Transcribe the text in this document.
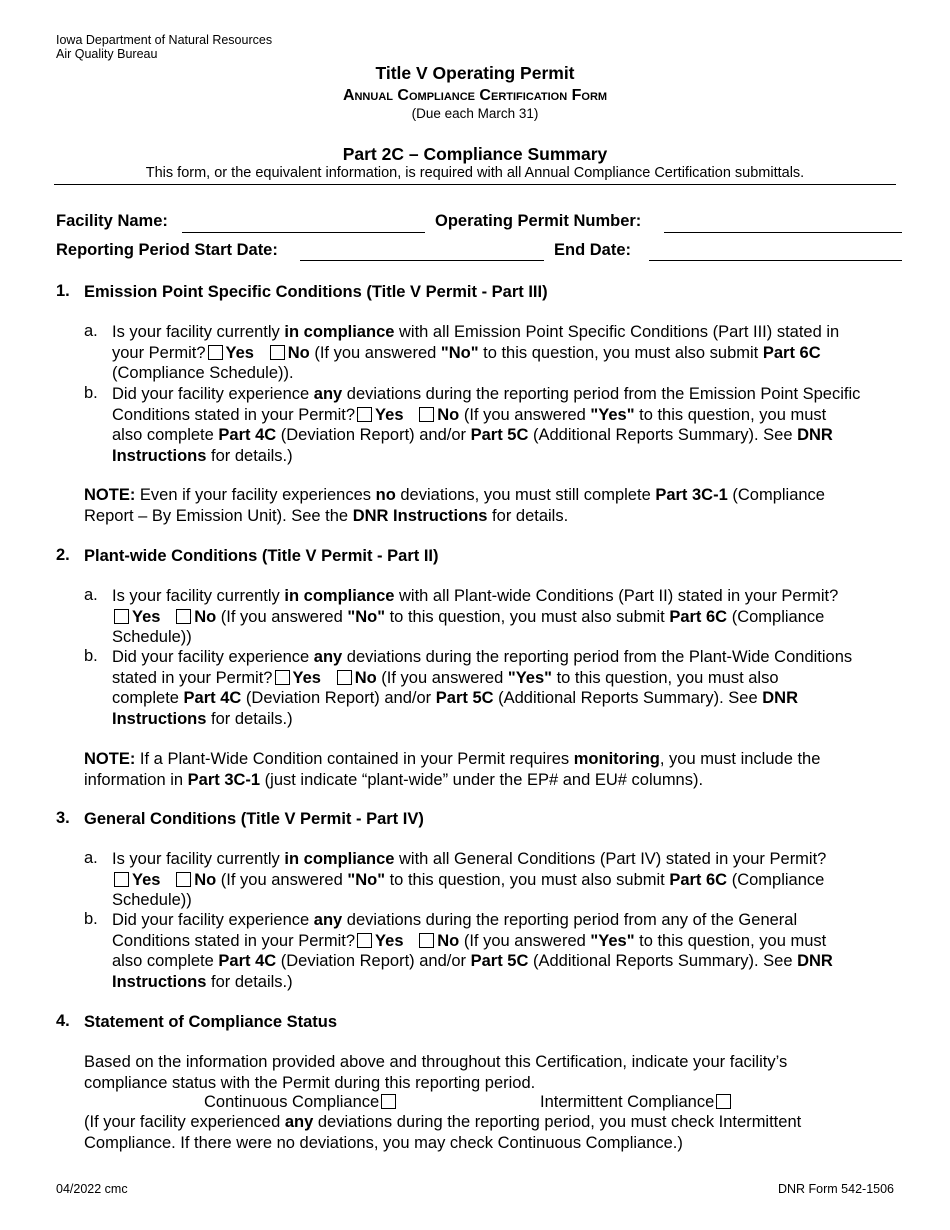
Iowa Department of Natural Resources
Air Quality Bureau
Title V Operating Permit
Annual Compliance Certification Form
(Due each March 31)
Part 2C – Compliance Summary
This form, or the equivalent information, is required with all Annual Compliance Certification submittals.
Facility Name:	Operating Permit Number:
Reporting Period Start Date:	End Date:
1. Emission Point Specific Conditions (Title V Permit - Part III)
a. Is your facility currently in compliance with all Emission Point Specific Conditions (Part III) stated in
your Permit? Yes No (If you answered "No" to this question, you must also submit Part 6C
(Compliance Schedule)).
b. Did your facility experience any deviations during the reporting period from the Emission Point Specific
Conditions stated in your Permit? Yes No (If you answered "Yes" to this question, you must
also complete Part 4C (Deviation Report) and/or Part 5C (Additional Reports Summary). See DNR
Instructions for details.)
NOTE: Even if your facility experiences no deviations, you must still complete Part 3C-1 (Compliance
Report – By Emission Unit). See the DNR Instructions for details.
2. Plant-wide Conditions (Title V Permit - Part II)
a. Is your facility currently in compliance with all Plant-wide Conditions (Part II) stated in your Permit?
Yes No (If you answered "No" to this question, you must also submit Part 6C (Compliance
Schedule))
b. Did your facility experience any deviations during the reporting period from the Plant-Wide Conditions
stated in your Permit? Yes No (If you answered "Yes" to this question, you must also
complete Part 4C (Deviation Report) and/or Part 5C (Additional Reports Summary). See DNR
Instructions for details.)
NOTE: If a Plant-Wide Condition contained in your Permit requires monitoring, you must include the
information in Part 3C-1 (just indicate “plant-wide” under the EP# and EU# columns).
3. General Conditions (Title V Permit - Part IV)
a. Is your facility currently in compliance with all General Conditions (Part IV) stated in your Permit?
Yes No (If you answered "No" to this question, you must also submit Part 6C (Compliance
Schedule))
b. Did your facility experience any deviations during the reporting period from any of the General
Conditions stated in your Permit? Yes No (If you answered "Yes" to this question, you must
also complete Part 4C (Deviation Report) and/or Part 5C (Additional Reports Summary). See DNR
Instructions for details.)
4. Statement of Compliance Status
Based on the information provided above and throughout this Certification, indicate your facility’s
compliance status with the Permit during this reporting period.
Continuous Compliance	Intermittent Compliance
(If your facility experienced any deviations during the reporting period, you must check Intermittent
Compliance. If there were no deviations, you may check Continuous Compliance.)
04/2022 cmc	DNR Form 542-1506
